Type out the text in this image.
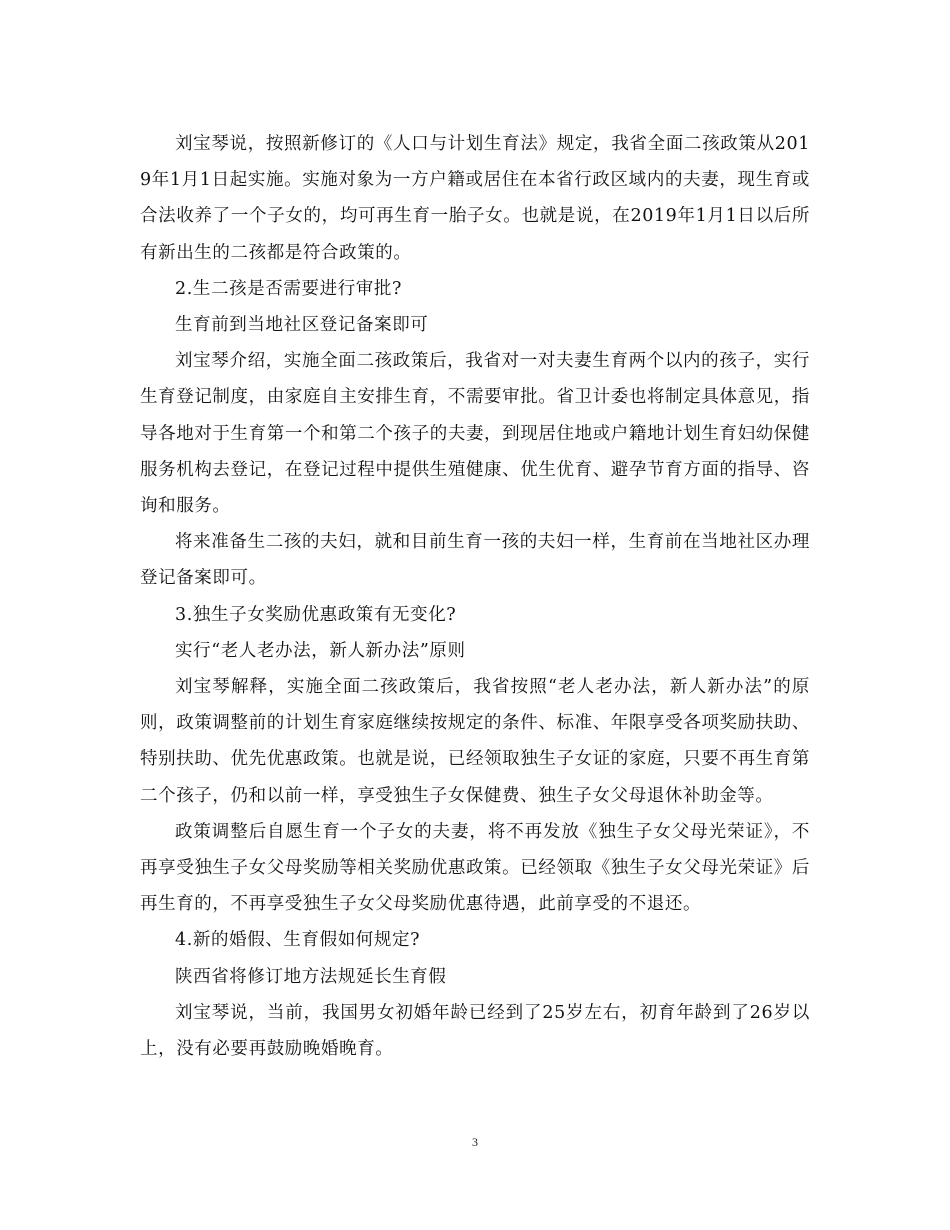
刘宝琴说，按照新修订的《人口与计划生育法》规定，我省全面二孩政策从2019年1月1日起实施。实施对象为一方户籍或居住在本省行政区域内的夫妻，现生育或合法收养了一个子女的，均可再生育一胎子女。也就是说，在2019年1月1日以后所有新出生的二孩都是符合政策的。

2.生二孩是否需要进行审批?

生育前到当地社区登记备案即可

刘宝琴介绍，实施全面二孩政策后，我省对一对夫妻生育两个以内的孩子，实行生育登记制度，由家庭自主安排生育，不需要审批。省卫计委也将制定具体意见，指导各地对于生育第一个和第二个孩子的夫妻，到现居住地或户籍地计划生育妇幼保健服务机构去登记，在登记过程中提供生殖健康、优生优育、避孕节育方面的指导、咨询和服务。

将来准备生二孩的夫妇，就和目前生育一孩的夫妇一样，生育前在当地社区办理登记备案即可。

3.独生子女奖励优惠政策有无变化?

实行“老人老办法，新人新办法”原则

刘宝琴解释，实施全面二孩政策后，我省按照“老人老办法，新人新办法”的原则，政策调整前的计划生育家庭继续按规定的条件、标准、年限享受各项奖励扶助、特别扶助、优先优惠政策。也就是说，已经领取独生子女证的家庭，只要不再生育第二个孩子，仍和以前一样，享受独生子女保健费、独生子女父母退休补助金等。

政策调整后自愿生育一个子女的夫妻，将不再发放《独生子女父母光荣证》，不再享受独生子女父母奖励等相关奖励优惠政策。已经领取《独生子女父母光荣证》后再生育的，不再享受独生子女父母奖励优惠待遇，此前享受的不退还。

4.新的婚假、生育假如何规定?

陕西省将修订地方法规延长生育假

刘宝琴说，当前，我国男女初婚年龄已经到了25岁左右，初育年龄到了26岁以上，没有必要再鼓励晚婚晚育。

3
